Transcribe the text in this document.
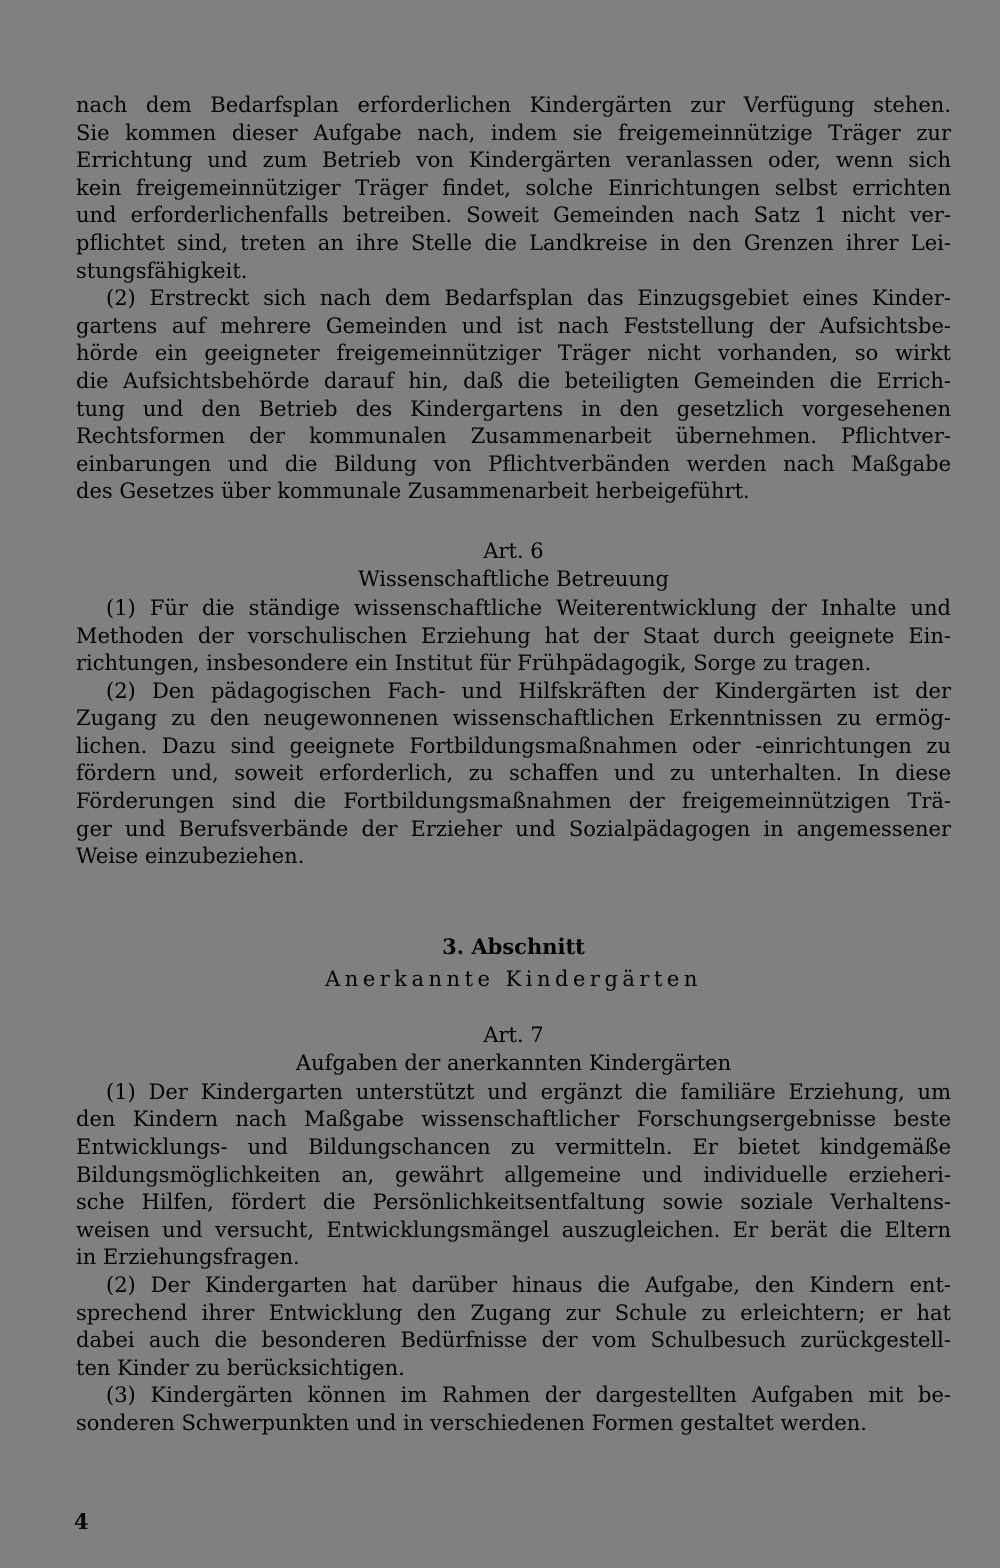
nach dem Bedarfsplan erforderlichen Kindergärten zur Verfügung stehen.
Sie kommen dieser Aufgabe nach, indem sie freigemeinnützige Träger zur
Errichtung und zum Betrieb von Kindergärten veranlassen oder, wenn sich
kein freigemeinnütziger Träger findet, solche Einrichtungen selbst errichten
und erforderlichenfalls betreiben. Soweit Gemeinden nach Satz 1 nicht ver-
pflichtet sind, treten an ihre Stelle die Landkreise in den Grenzen ihrer Lei-
stungsfähigkeit.
(2) Erstreckt sich nach dem Bedarfsplan das Einzugsgebiet eines Kinder-
gartens auf mehrere Gemeinden und ist nach Feststellung der Aufsichtsbe-
hörde ein geeigneter freigemeinnütziger Träger nicht vorhanden, so wirkt
die Aufsichtsbehörde darauf hin, daß die beteiligten Gemeinden die Errich-
tung und den Betrieb des Kindergartens in den gesetzlich vorgesehenen
Rechtsformen der kommunalen Zusammenarbeit übernehmen. Pflichtver-
einbarungen und die Bildung von Pflichtverbänden werden nach Maßgabe
des Gesetzes über kommunale Zusammenarbeit herbeigeführt.
Art. 6
Wissenschaftliche Betreuung
(1) Für die ständige wissenschaftliche Weiterentwicklung der Inhalte und
Methoden der vorschulischen Erziehung hat der Staat durch geeignete Ein-
richtungen, insbesondere ein Institut für Frühpädagogik, Sorge zu tragen.
(2) Den pädagogischen Fach- und Hilfskräften der Kindergärten ist der
Zugang zu den neugewonnenen wissenschaftlichen Erkenntnissen zu ermög-
lichen. Dazu sind geeignete Fortbildungsmaßnahmen oder -einrichtungen zu
fördern und, soweit erforderlich, zu schaffen und zu unterhalten. In diese
Förderungen sind die Fortbildungsmaßnahmen der freigemeinnützigen Trä-
ger und Berufsverbände der Erzieher und Sozialpädagogen in angemessener
Weise einzubeziehen.
3. Abschnitt
Anerkannte Kindergärten
Art. 7
Aufgaben der anerkannten Kindergärten
(1) Der Kindergarten unterstützt und ergänzt die familiäre Erziehung, um
den Kindern nach Maßgabe wissenschaftlicher Forschungsergebnisse beste
Entwicklungs- und Bildungschancen zu vermitteln. Er bietet kindgemäße
Bildungsmöglichkeiten an, gewährt allgemeine und individuelle erzieheri-
sche Hilfen, fördert die Persönlichkeitsentfaltung sowie soziale Verhaltens-
weisen und versucht, Entwicklungsmängel auszugleichen. Er berät die Eltern
in Erziehungsfragen.
(2) Der Kindergarten hat darüber hinaus die Aufgabe, den Kindern ent-
sprechend ihrer Entwicklung den Zugang zur Schule zu erleichtern; er hat
dabei auch die besonderen Bedürfnisse der vom Schulbesuch zurückgestell-
ten Kinder zu berücksichtigen.
(3) Kindergärten können im Rahmen der dargestellten Aufgaben mit be-
sonderen Schwerpunkten und in verschiedenen Formen gestaltet werden.
4
